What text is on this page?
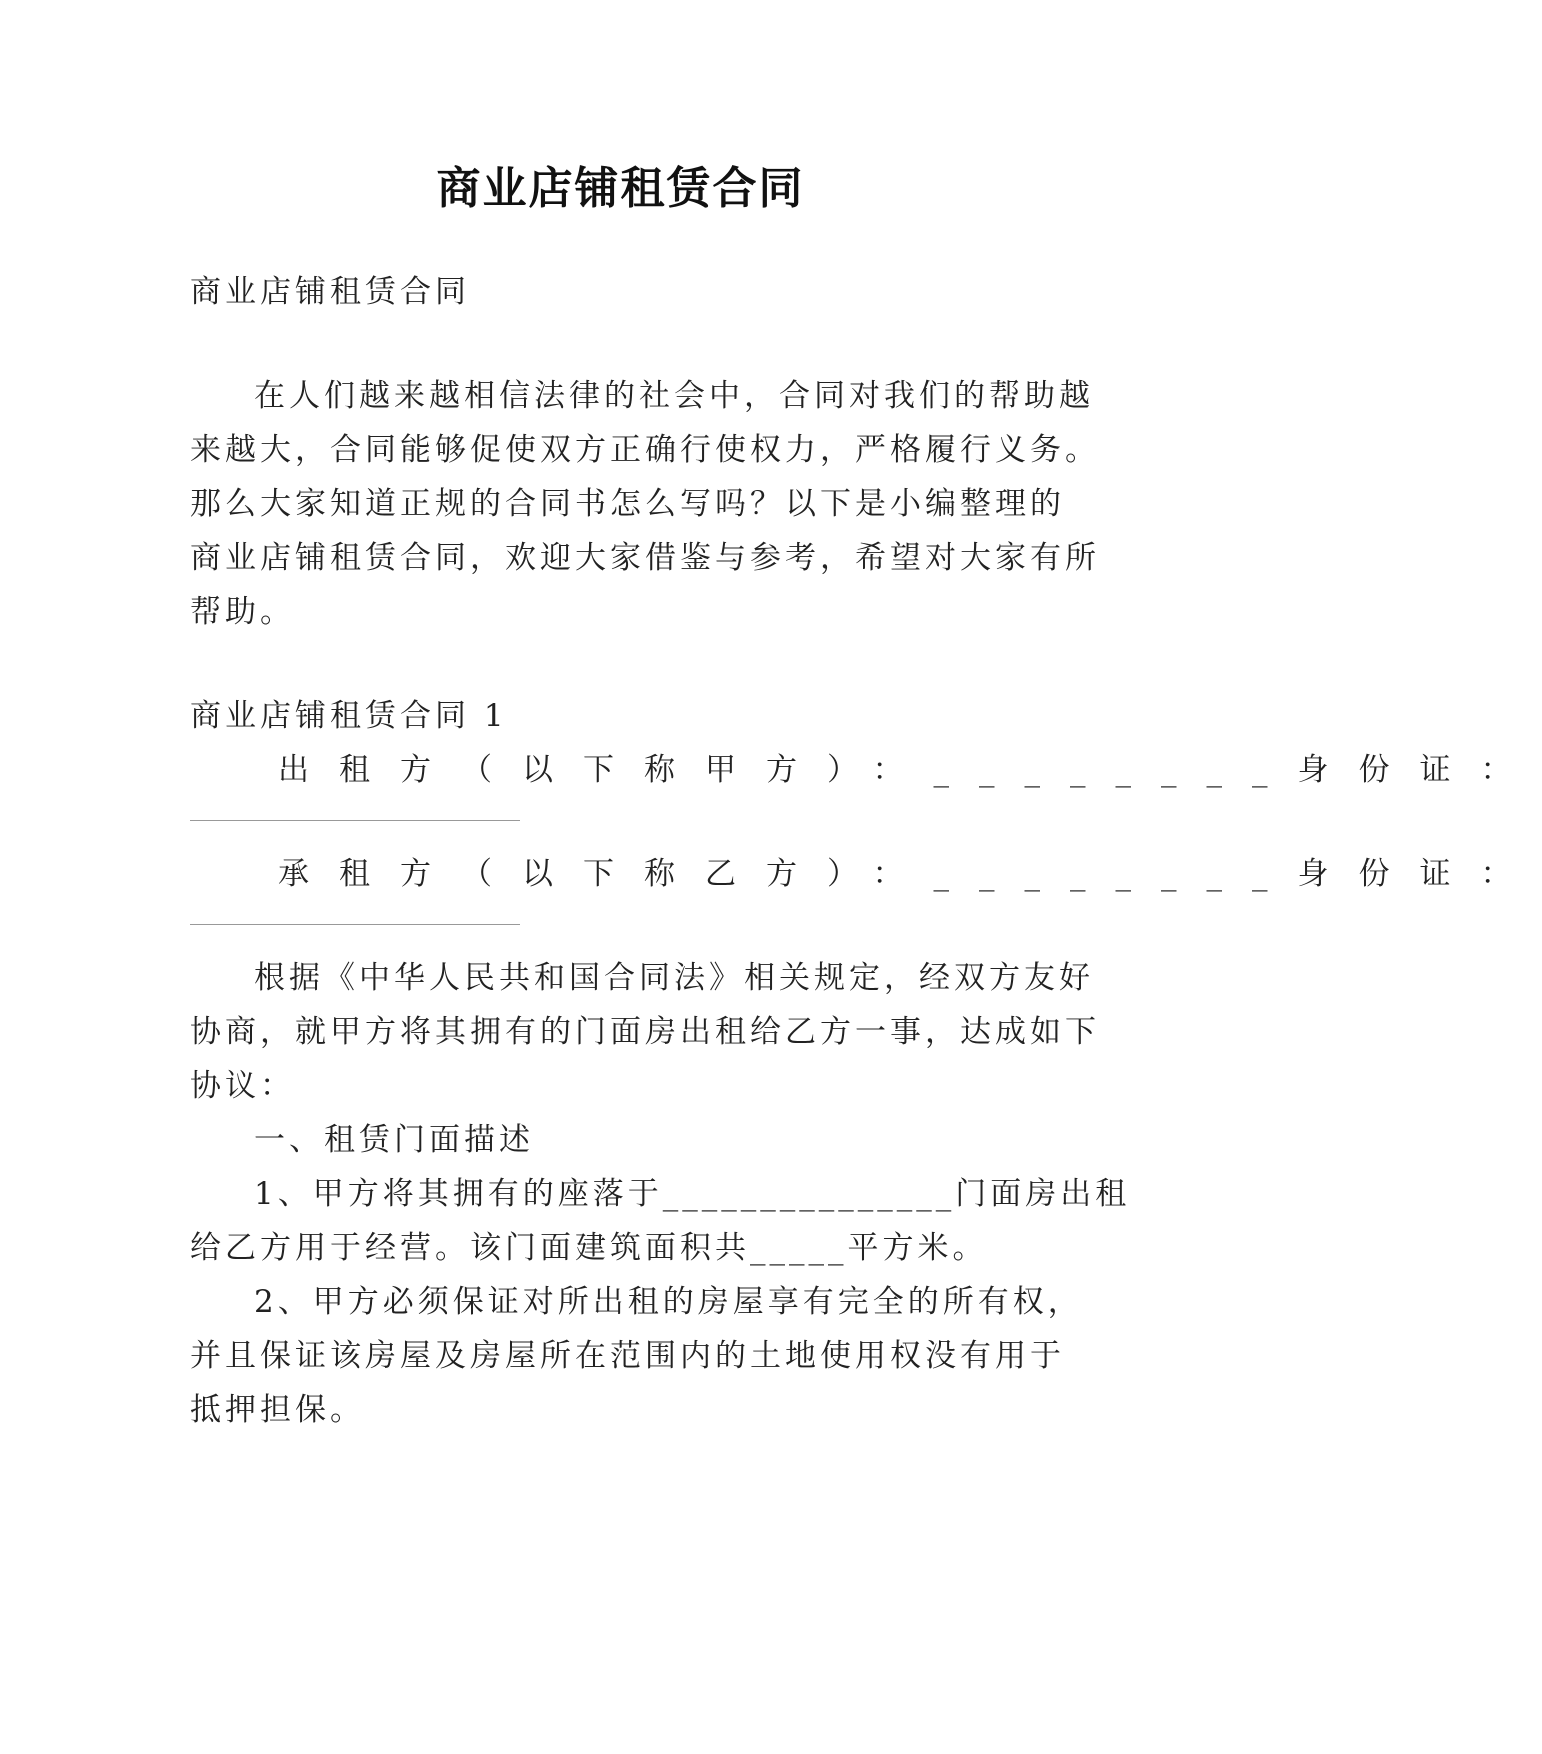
商业店铺租赁合同
商业店铺租赁合同
在人们越来越相信法律的社会中，合同对我们的帮助越
来越大，合同能够促使双方正确行使权力，严格履行义务。
那么大家知道正规的合同书怎么写吗？以下是小编整理的
商业店铺租赁合同，欢迎大家借鉴与参考，希望对大家有所
帮助。
商业店铺租赁合同 1
出租方（以下称甲方）：________身份证：
承租方（以下称乙方）：________身份证：
根据《中华人民共和国合同法》相关规定，经双方友好
协商，就甲方将其拥有的门面房出租给乙方一事，达成如下
协议：
一、租赁门面描述
1、甲方将其拥有的座落于_______________门面房出租
给乙方用于经营。该门面建筑面积共_____平方米。
2、甲方必须保证对所出租的房屋享有完全的所有权，
并且保证该房屋及房屋所在范围内的土地使用权没有用于
抵押担保。
